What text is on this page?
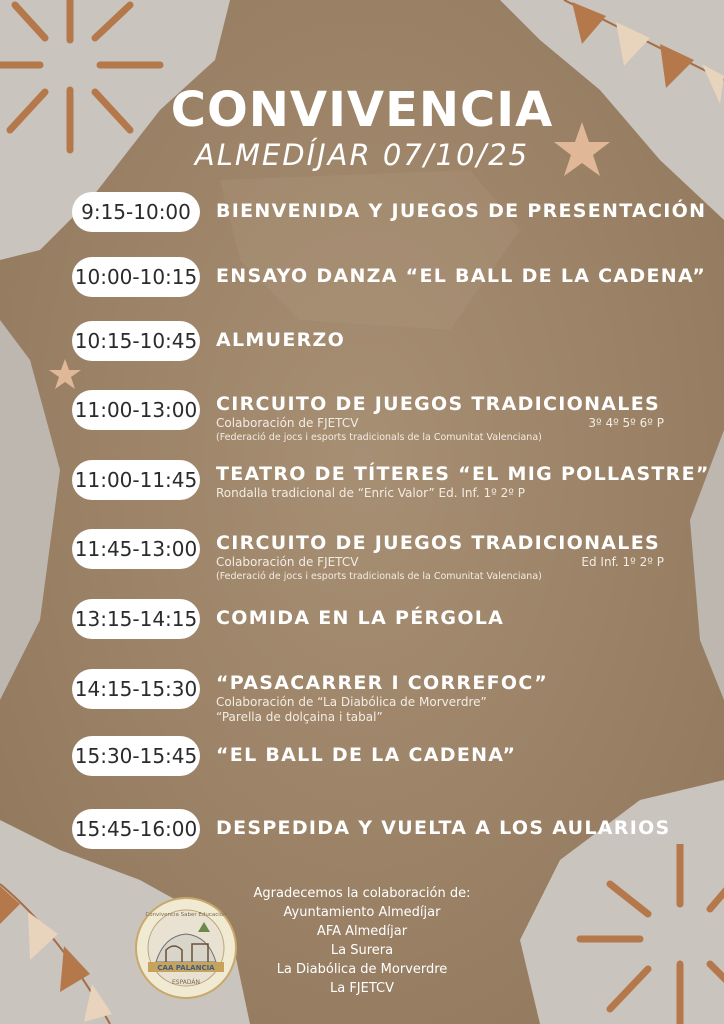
CONVIVENCIA
ALMEDÍJAR 07/10/25
9:15-10:00	BIENVENIDA Y JUEGOS DE PRESENTACIÓN
10:00-10:15 ENSAYO DANZA “EL BALL DE LA CADENA”
10:15-10:45 ALMUERZO
11:00-13:00 CIRCUITO DE JUEGOS TRADICIONALES
Colaboración de FJETCV	3º 4º 5º 6º P
(Federació de jocs i esports tradicionals de la Comunitat Valenciana)
11:00-11:45 TEATRO DE TÍTERES “EL MIG POLLASTRE”
Rondalla tradicional de “Enric Valor” Ed. Inf. 1º 2º P
11:45-13:00 CIRCUITO DE JUEGOS TRADICIONALES
Colaboración de FJETCV	Ed Inf. 1º 2º P
(Federació de jocs i esports tradicionals de la Comunitat Valenciana)
13:15-14:15 COMIDA EN LA PÉRGOLA
14:15-15:30 “PASACARRER I CORREFOC”
Colaboración de “La Diabólica de Morverdre”
“Parella de dolçaina i tabal”
15:30-15:45 “EL BALL DE LA CADENA”
15:45-16:00 DESPEDIDA Y VUELTA A LOS AULARIOS
CAA PALANCIA
Convivencia Saber Educación
ESPADÁN
Agradecemos la colaboración de:
Ayuntamiento Almedíjar
AFA Almedíjar
La Surera
La Diabólica de Morverdre
La FJETCV
